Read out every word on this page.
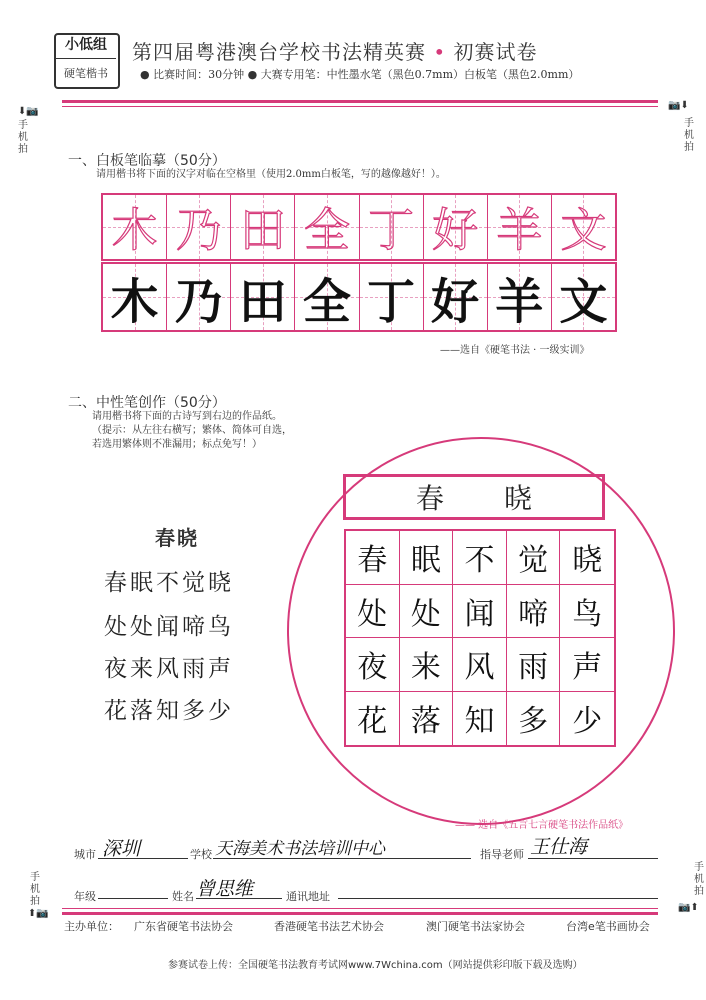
小低组
硬笔楷书
第四届粤港澳台学校书法精英赛 • 初赛试卷
● 比赛时间：30分钟 ● 大赛专用笔：中性墨水笔（黑色0.7mm）白板笔（黑色2.0mm）
⬇📷
手
机
拍
📷⬇
手
机
拍
手
机
拍
⬆📷
手
机
拍
📷⬆
一、白板笔临摹（50分）
请用楷书将下面的汉字对临在空格里（使用2.0mm白板笔，写的越像越好！）。
木 乃 田 全 丁 好 羊 文
木 乃 田 全 丁 好 羊 文
——选自《硬笔书法 · 一级实训》
二、中性笔创作（50分）
请用楷书将下面的古诗写到右边的作品纸。
（提示：从左往右横写；繁体、简体可自选，
若选用繁体则不准漏用；标点免写！）
春晓
春眠不觉晓
处处闻啼鸟
夜来风雨声
花落知多少
春 晓
春 眠 不 觉 晓
处 处 闻 啼 鸟
夜 来 风 雨 声
花 落 知 多 少
—— 选自《五言七言硬笔书法作品纸》
城市 深圳	学校 天海美术书法培训中心	指导老师 王仕海
年级	姓名 曾思维	通讯地址
主办单位： 广东省硬笔书法协会	香港硬笔书法艺术协会	澳门硬笔书法家协会	台湾e笔书画协会
参赛试卷上传：全国硬笔书法教育考试网www.7Wchina.com（网站提供彩印版下载及选购）
